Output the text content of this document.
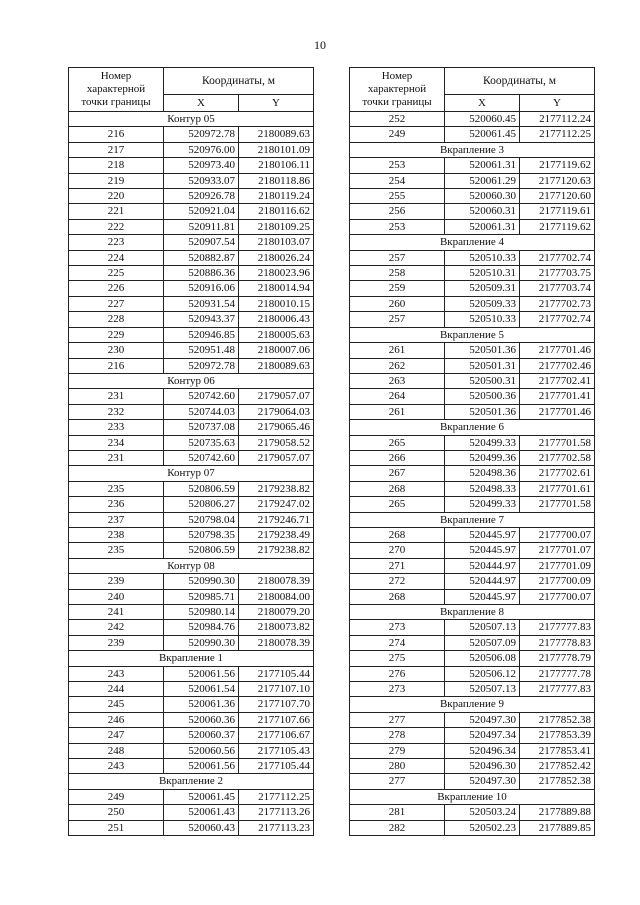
10
Номер
характерной
точки границы	Координаты, м	
	X	Y
Контур 05		
216	520972.78	2180089.63
217	520976.00	2180101.09
218	520973.40	2180106.11
219	520933.07	2180118.86
220	520926.78	2180119.24
221	520921.04	2180116.62
222	520911.81	2180109.25
223	520907.54	2180103.07
224	520882.87	2180026.24
225	520886.36	2180023.96
226	520916.06	2180014.94
227	520931.54	2180010.15
228	520943.37	2180006.43
229	520946.85	2180005.63
230	520951.48	2180007.06
216	520972.78	2180089.63
Контур 06		
231	520742.60	2179057.07
232	520744.03	2179064.03
233	520737.08	2179065.46
234	520735.63	2179058.52
231	520742.60	2179057.07
Контур 07		
235	520806.59	2179238.82
236	520806.27	2179247.02
237	520798.04	2179246.71
238	520798.35	2179238.49
235	520806.59	2179238.82
Контур 08		
239	520990.30	2180078.39
240	520985.71	2180084.00
241	520980.14	2180079.20
242	520984.76	2180073.82
239	520990.30	2180078.39
Вкрапление 1		
243	520061.56	2177105.44
244	520061.54	2177107.10
245	520061.36	2177107.70
246	520060.36	2177107.66
247	520060.37	2177106.67
248	520060.56	2177105.43
243	520061.56	2177105.44
Вкрапление 2		
249	520061.45	2177112.25
250	520061.43	2177113.26
251	520060.43	2177113.23
Номер
характерной
точки границы	Координаты, м	
	X	Y
252	520060.45	2177112.24
249	520061.45	2177112.25
Вкрапление 3		
253	520061.31	2177119.62
254	520061.29	2177120.63
255	520060.30	2177120.60
256	520060.31	2177119.61
253	520061.31	2177119.62
Вкрапление 4		
257	520510.33	2177702.74
258	520510.31	2177703.75
259	520509.31	2177703.74
260	520509.33	2177702.73
257	520510.33	2177702.74
Вкрапление 5		
261	520501.36	2177701.46
262	520501.31	2177702.46
263	520500.31	2177702.41
264	520500.36	2177701.41
261	520501.36	2177701.46
Вкрапление 6		
265	520499.33	2177701.58
266	520499.36	2177702.58
267	520498.36	2177702.61
268	520498.33	2177701.61
265	520499.33	2177701.58
Вкрапление 7		
268	520445.97	2177700.07
270	520445.97	2177701.07
271	520444.97	2177701.09
272	520444.97	2177700.09
268	520445.97	2177700.07
Вкрапление 8		
273	520507.13	2177777.83
274	520507.09	2177778.83
275	520506.08	2177778.79
276	520506.12	2177777.78
273	520507.13	2177777.83
Вкрапление 9		
277	520497.30	2177852.38
278	520497.34	2177853.39
279	520496.34	2177853.41
280	520496.30	2177852.42
277	520497.30	2177852.38
Вкрапление 10		
281	520503.24	2177889.88
282	520502.23	2177889.85
